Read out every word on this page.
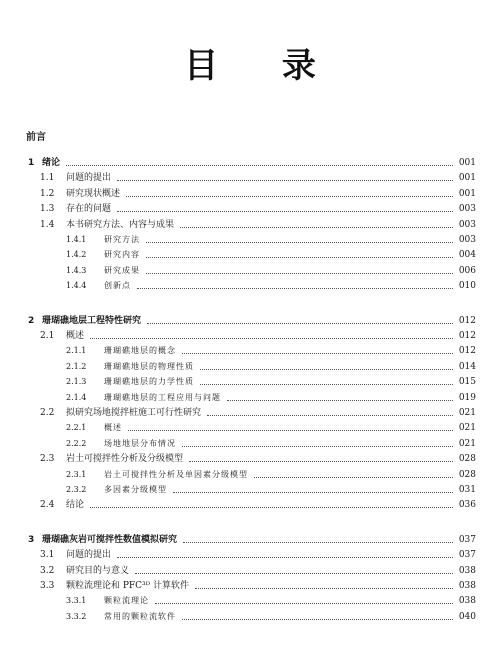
目 录
前言
1 绪论	001
1.1 问题的提出	001
1.2 研究现状概述	001
1.3 存在的问题	003
1.4 本书研究方法、内容与成果	003
1.4.1 研究方法	003
1.4.2 研究内容	004
1.4.3 研究成果	006
1.4.4 创新点	010
2 珊瑚礁地层工程特性研究	012
2.1 概述	012
2.1.1 珊瑚礁地层的概念	012
2.1.2 珊瑚礁地层的物理性质	014
2.1.3 珊瑚礁地层的力学性质	015
2.1.4 珊瑚礁地层的工程应用与问题	019
2.2 拟研究场地搅拌桩施工可行性研究	021
2.2.1 概述	021
2.2.2 场地地层分布情况	021
2.3 岩土可搅拌性分析及分级模型	028
2.3.1 岩土可搅拌性分析及单因素分级模型	028
2.3.2 多因素分级模型	031
2.4 结论	036
3 珊瑚礁灰岩可搅拌性数值模拟研究	037
3.1 问题的提出	037
3.2 研究目的与意义	038
3.3 颗粒流理论和 PFC³ᴰ 计算软件	038
3.3.1 颗粒流理论	038
3.3.2 常用的颗粒流软件	040
